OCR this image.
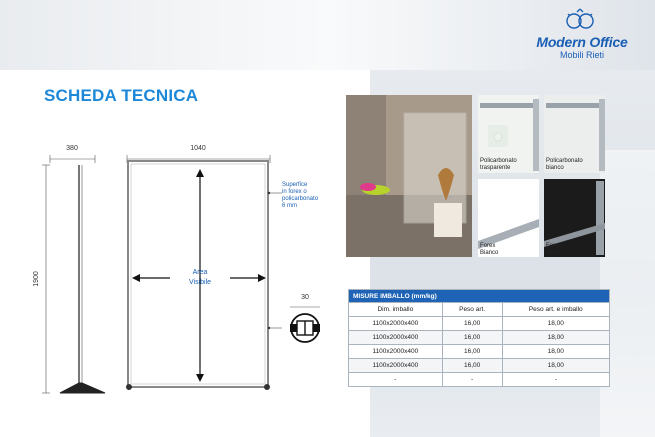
Modern Office
Mobili Rieti
SCHEDA TECNICA
380
1900
1040
Superfice
in forex o
policarbonato
6 mm
Area
Visibile
30
Policarbonato
trasparente
Policarbonato
bianco
Forex
Bianco
Forex
Nero
MISURE IMBALLO (mm/kg)		
Dim. imballo	Peso art.	Peso art. e imballo
1100x2000x400	16,00	18,00
1100x2000x400	16,00	18,00
1100x2000x400	16,00	18,00
1100x2000x400	16,00	18,00
-	-	-
